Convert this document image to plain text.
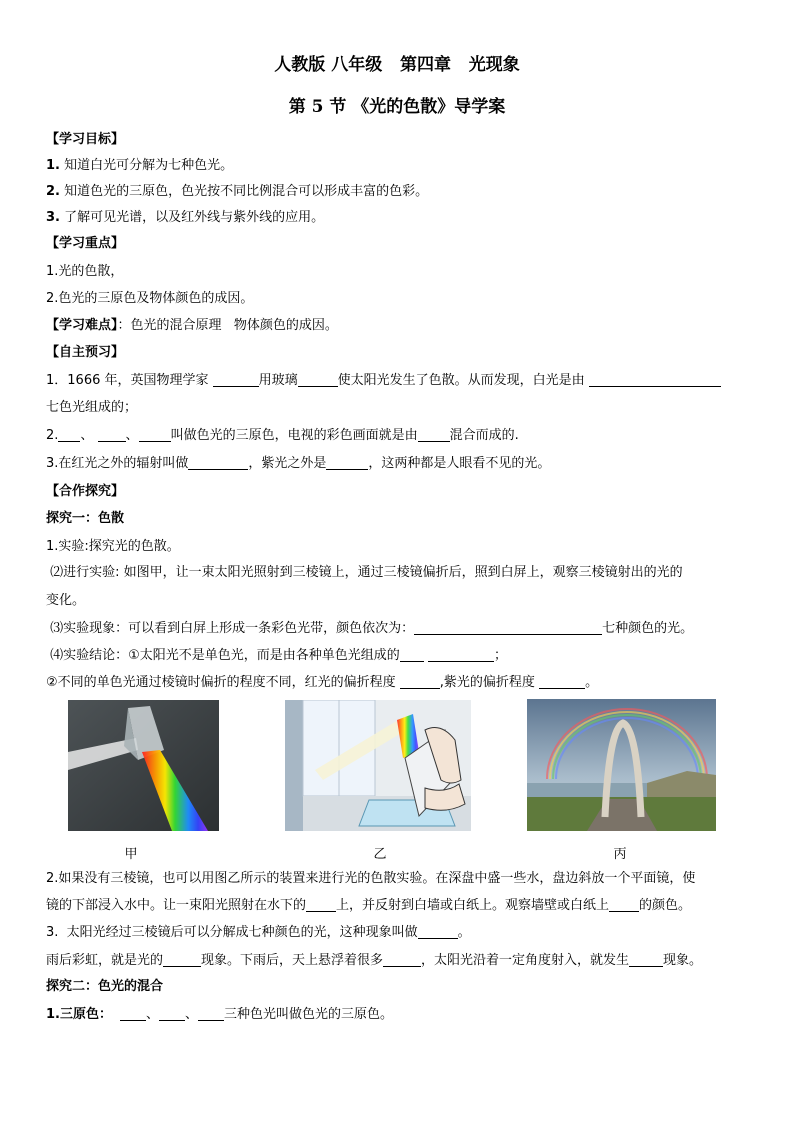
人教版 八年级   第四章   光现象
第 5 节 《光的色散》导学案
【学习目标】
1. 知道白光可分解为七种色光。
2. 知道色光的三原色，色光按不同比例混合可以形成丰富的色彩。
3. 了解可见光谱，以及红外线与紫外线的应用。
【学习重点】
1.光的色散，
2.色光的三原色及物体颜色的成因。
【学习难点】：色光的混合原理   物体颜色的成因。
【自主预习】
1．1666 年，英国物理学家	用玻璃	使太阳光发生了色散。从而发现，白光是由
七色光组成的；
2. 、 、 叫做色光的三原色，电视的彩色画面就是由 混合而成的.
3.在红光之外的辐射叫做	，紫光之外是	，这两种都是人眼看不见的光。
【合作探究】
探究一：色散
1.实验:探究光的色散。
⑵进行实验: 如图甲，让一束太阳光照射到三棱镜上，通过三棱镜偏折后，照到白屏上，观察三棱镜射出的光的
变化。
⑶实验现象：可以看到白屏上形成一条彩色光带，颜色依次为：	七种颜色的光。
⑷实验结论：①太阳光不是单色光，而是由各种单色光组成的	；
②不同的单色光通过棱镜时偏折的程度不同，红光的偏折程度	,紫光的偏折程度	。
甲	乙	丙
2.如果没有三棱镜，也可以用图乙所示的装置来进行光的色散实验。在深盘中盛一些水，盘边斜放一个平面镜，使
镜的下部浸入水中。让一束阳光照射在水下的 上，并反射到白墙或白纸上。观察墙壁或白纸上 的颜色。
3.  太阳光经过三棱镜后可以分解成七种颜色的光，这种现象叫做	。
雨后彩虹，就是光的	现象。下雨后，天上悬浮着很多	，太阳光沿着一定角度射入，就发生	现象。
探究二：色光的混合
1.三原色：	、 、 三种色光叫做色光的三原色。
